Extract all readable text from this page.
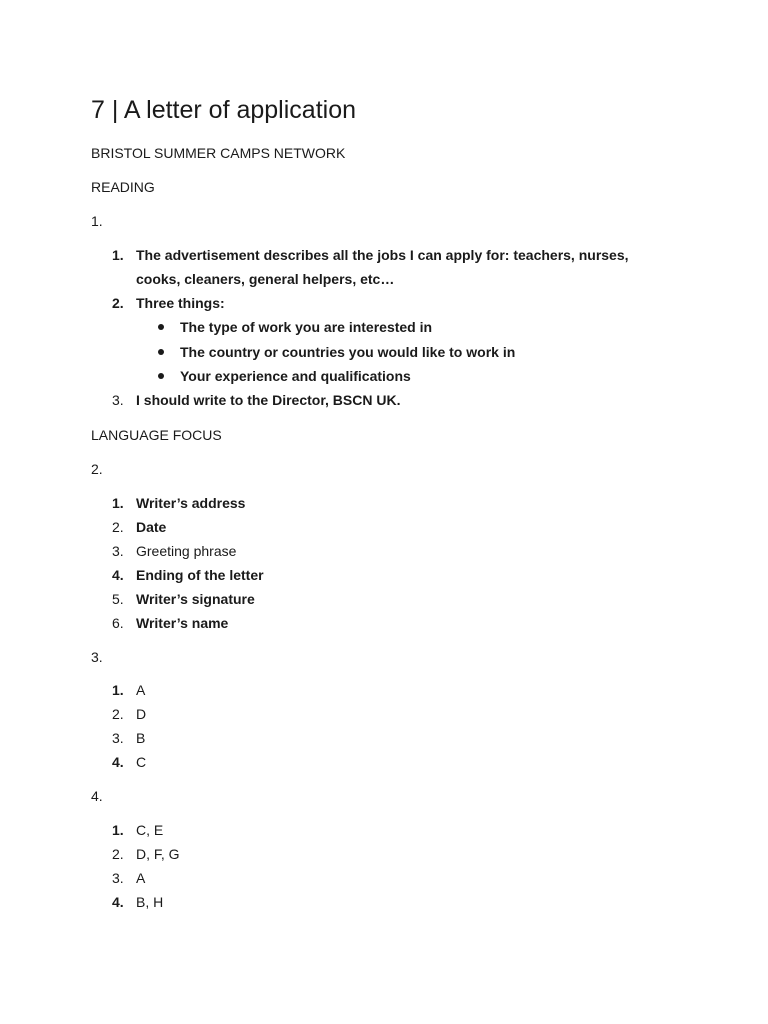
7 | A letter of application
BRISTOL SUMMER CAMPS NETWORK
READING
1.
1. The advertisement describes all the jobs I can apply for: teachers, nurses, cooks, cleaners, general helpers, etc…
2. Three things:
The type of work you are interested in
The country or countries you would like to work in
Your experience and qualifications
3. I should write to the Director, BSCN UK.
LANGUAGE FOCUS
2.
1. Writer’s address
2. Date
3. Greeting phrase
4. Ending of the letter
5. Writer’s signature
6. Writer’s name
3.
1. A
2. D
3. B
4. C
4.
1. C, E
2. D, F, G
3. A
4. B, H
